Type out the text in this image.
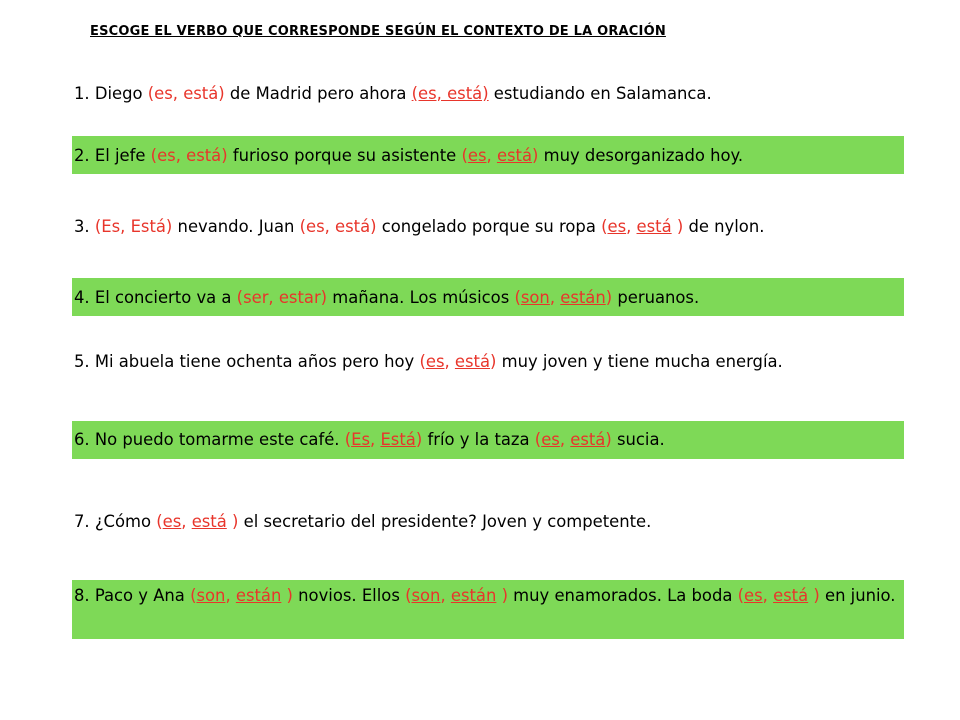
ESCOGE EL VERBO QUE CORRESPONDE SEGÚN EL CONTEXTO DE LA ORACIÓN
1. Diego (es, está) de Madrid pero ahora (es, está) estudiando en Salamanca.
2. El jefe (es, está) furioso porque su asistente (es, está) muy desorganizado hoy.
3. (Es, Está) nevando. Juan (es, está) congelado porque su ropa (es, está ) de nylon.
4. El concierto va a (ser, estar) mañana. Los músicos (son, están) peruanos.
5. Mi abuela tiene ochenta años pero hoy (es, está) muy joven y tiene mucha energía.
6. No puedo tomarme este café. (Es, Está) frío y la taza (es, está) sucia.
7. ¿Cómo (es, está ) el secretario del presidente? Joven y competente.
8. Paco y Ana (son, están ) novios. Ellos (son, están ) muy enamorados. La boda (es, está ) en junio.
